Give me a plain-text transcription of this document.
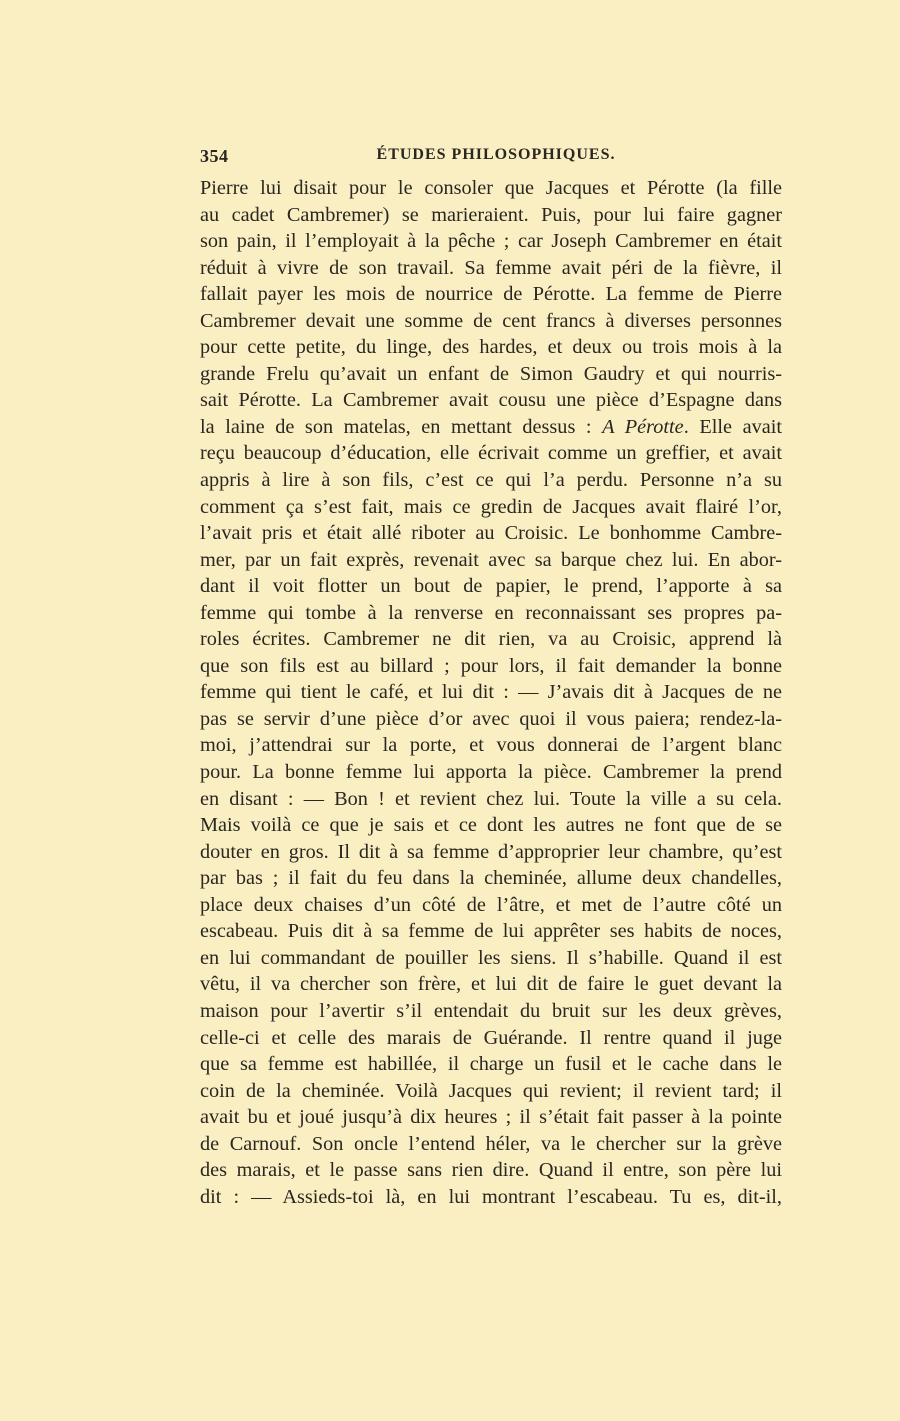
354	ÉTUDES PHILOSOPHIQUES.
Pierre lui disait pour le consoler que Jacques et Pérotte (la fille
au cadet Cambremer) se marieraient. Puis, pour lui faire gagner
son pain, il l’employait à la pêche ; car Joseph Cambremer en était
réduit à vivre de son travail. Sa femme avait péri de la fièvre, il
fallait payer les mois de nourrice de Pérotte. La femme de Pierre
Cambremer devait une somme de cent francs à diverses personnes
pour cette petite, du linge, des hardes, et deux ou trois mois à la
grande Frelu qu’avait un enfant de Simon Gaudry et qui nourris-
sait Pérotte. La Cambremer avait cousu une pièce d’Espagne dans
la laine de son matelas, en mettant dessus : A Pérotte. Elle avait
reçu beaucoup d’éducation, elle écrivait comme un greffier, et avait
appris à lire à son fils, c’est ce qui l’a perdu. Personne n’a su
comment ça s’est fait, mais ce gredin de Jacques avait flairé l’or,
l’avait pris et était allé riboter au Croisic. Le bonhomme Cambre-
mer, par un fait exprès, revenait avec sa barque chez lui. En abor-
dant il voit flotter un bout de papier, le prend, l’apporte à sa
femme qui tombe à la renverse en reconnaissant ses propres pa-
roles écrites. Cambremer ne dit rien, va au Croisic, apprend là
que son fils est au billard ; pour lors, il fait demander la bonne
femme qui tient le café, et lui dit : — J’avais dit à Jacques de ne
pas se servir d’une pièce d’or avec quoi il vous paiera; rendez-la-
moi, j’attendrai sur la porte, et vous donnerai de l’argent blanc
pour. La bonne femme lui apporta la pièce. Cambremer la prend
en disant : — Bon ! et revient chez lui. Toute la ville a su cela.
Mais voilà ce que je sais et ce dont les autres ne font que de se
douter en gros. Il dit à sa femme d’approprier leur chambre, qu’est
par bas ; il fait du feu dans la cheminée, allume deux chandelles,
place deux chaises d’un côté de l’âtre, et met de l’autre côté un
escabeau. Puis dit à sa femme de lui apprêter ses habits de noces,
en lui commandant de pouiller les siens. Il s’habille. Quand il est
vêtu, il va chercher son frère, et lui dit de faire le guet devant la
maison pour l’avertir s’il entendait du bruit sur les deux grèves,
celle-ci et celle des marais de Guérande. Il rentre quand il juge
que sa femme est habillée, il charge un fusil et le cache dans le
coin de la cheminée. Voilà Jacques qui revient; il revient tard; il
avait bu et joué jusqu’à dix heures ; il s’était fait passer à la pointe
de Carnouf. Son oncle l’entend héler, va le chercher sur la grève
des marais, et le passe sans rien dire. Quand il entre, son père lui
dit : — Assieds-toi là, en lui montrant l’escabeau. Tu es, dit-il,
